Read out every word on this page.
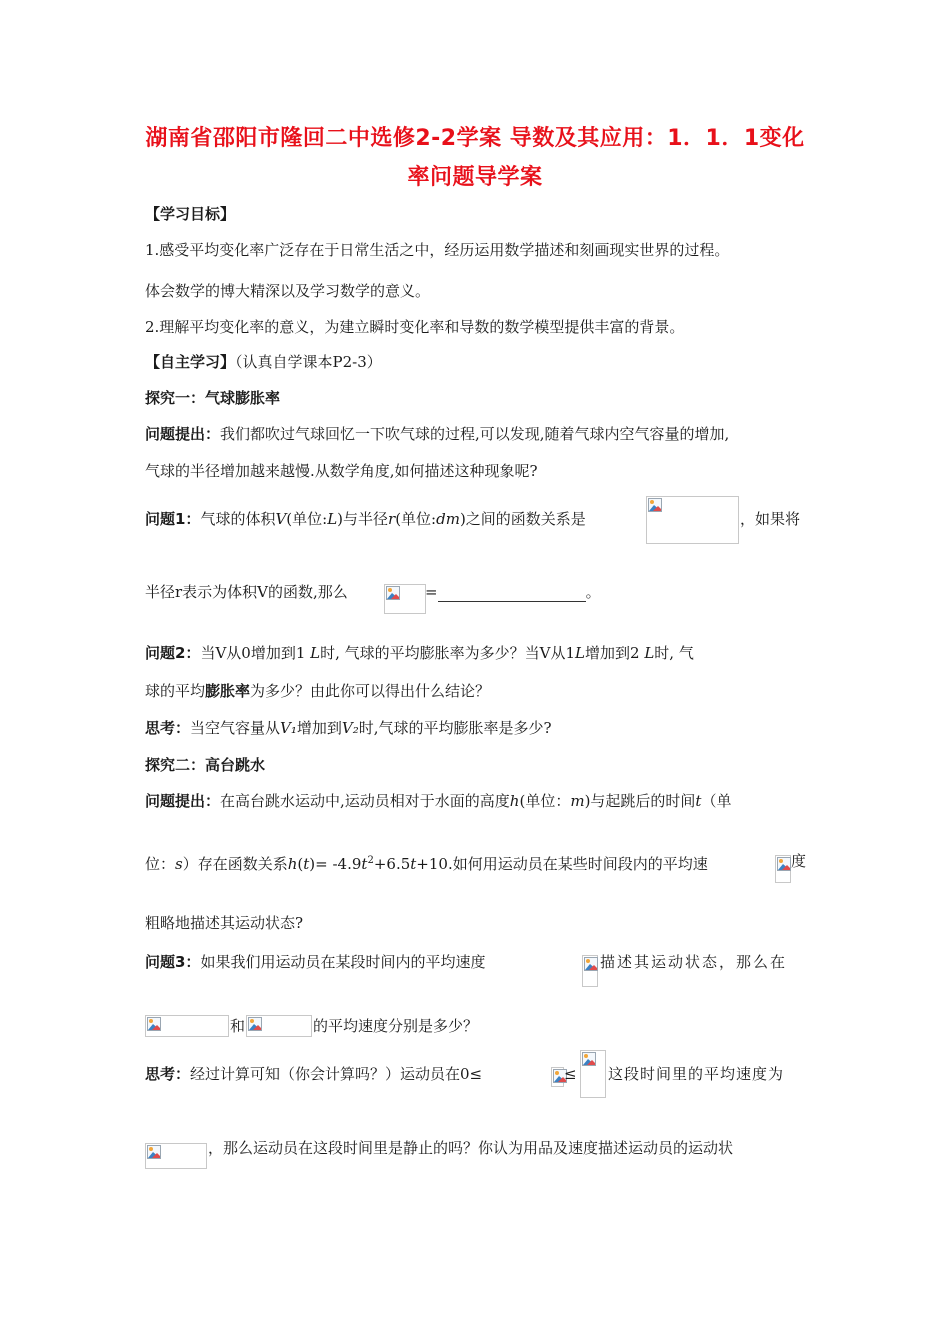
湖南省邵阳市隆回二中选修2-2学案 导数及其应用：1．1．1变化
率问题导学案
【学习目标】
1.感受平均变化率广泛存在于日常生活之中，经历运用数学描述和刻画现实世界的过程。
体会数学的博大精深以及学习数学的意义。
2.理解平均变化率的意义，为建立瞬时变化率和导数的数学模型提供丰富的背景。
【自主学习】（认真自学课本P2-3）
探究一：气球膨胀率
问题提出：我们都吹过气球回忆一下吹气球的过程,可以发现,随着气球内空气容量的增加,
气球的半径增加越来越慢.从数学角度,如何描述这种现象呢?
问题1：气球的体积V(单位:L)与半径r(单位:dm)之间的函数关系是	，如果将
半径r表示为体积V的函数,那么	=	。
问题2：当V从0增加到1 L时, 气球的平均膨胀率为多少？当V从1L增加到2 L时, 气
球的平均膨胀率为多少？由此你可以得出什么结论？
思考：当空气容量从V₁增加到V₂时,气球的平均膨胀率是多少?
探究二：高台跳水
问题提出：在高台跳水运动中,运动员相对于水面的高度h(单位：m)与起跳后的时间t（单
位：s）存在函数关系$h(t)= -4.9t^2+6.5t+10$.如何用运动员在某些时间段内的平均速	度
粗略地描述其运动状态?
问题3：如果我们用运动员在某段时间内的平均速度	描述其运动状态，那么在
和	的平均速度分别是多少？
思考：经过计算可知（你会计算吗？）运动员在0≤	≤ 这段时间里的平均速度为
，那么运动员在这段时间里是静止的吗？你认为用品及速度描述运动员的运动状
